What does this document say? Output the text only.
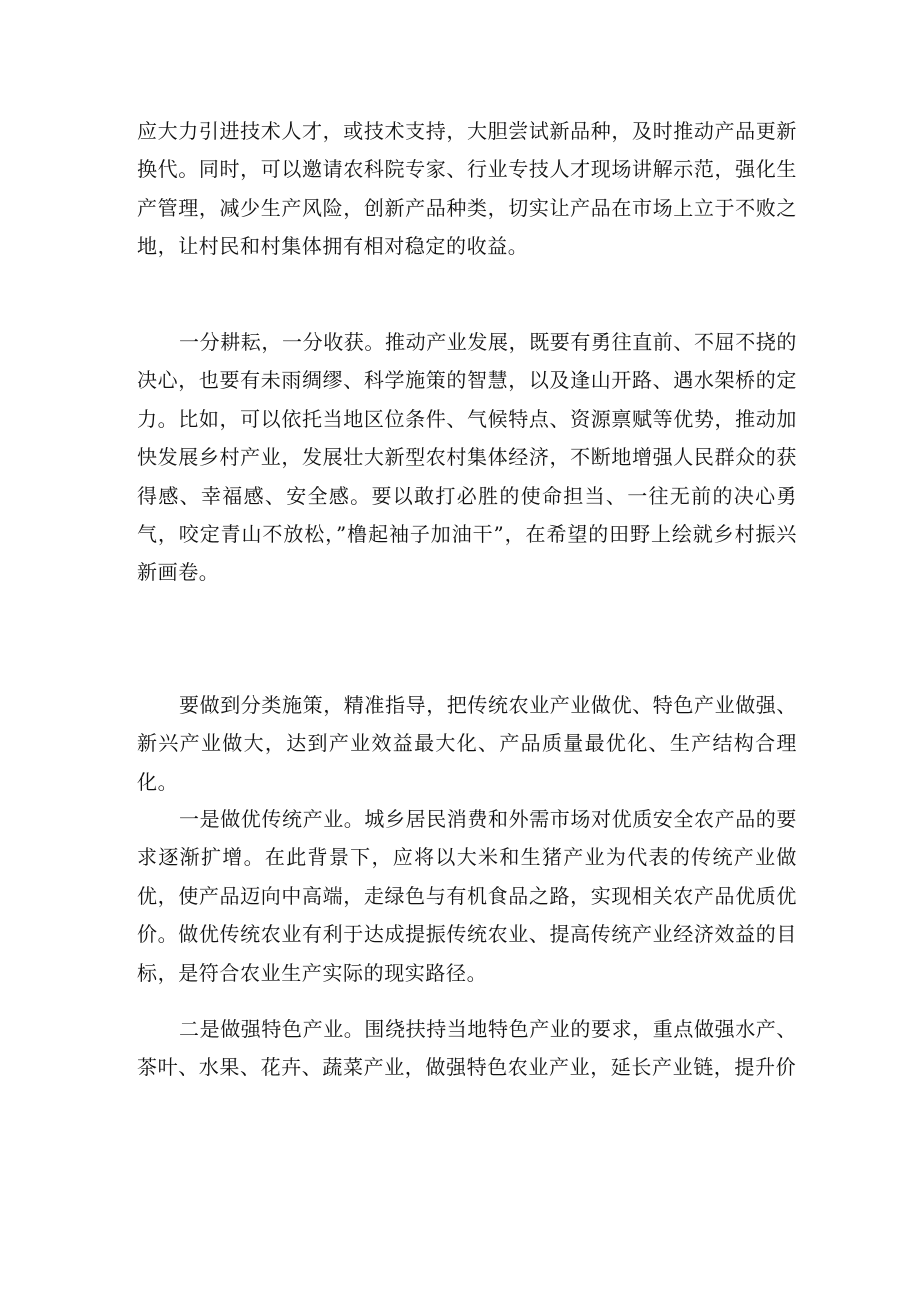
应大力引进技术人才，或技术支持，大胆尝试新品种，及时推动产品更新换代。同时，可以邀请农科院专家、行业专技人才现场讲解示范，强化生产管理，减少生产风险，创新产品种类，切实让产品在市场上立于不败之地，让村民和村集体拥有相对稳定的收益。

一分耕耘，一分收获。推动产业发展，既要有勇往直前、不屈不挠的决心，也要有未雨绸缪、科学施策的智慧，以及逢山开路、遇水架桥的定力。比如，可以依托当地区位条件、气候特点、资源禀赋等优势，推动加快发展乡村产业，发展壮大新型农村集体经济，不断地增强人民群众的获得感、幸福感、安全感。要以敢打必胜的使命担当、一往无前的决心勇气，咬定青山不放松，”橹起袖子加油干”，在希望的田野上绘就乡村振兴新画卷。

要做到分类施策，精准指导，把传统农业产业做优、特色产业做强、新兴产业做大，达到产业效益最大化、产品质量最优化、生产结构合理化。

一是做优传统产业。城乡居民消费和外需市场对优质安全农产品的要求逐渐扩增。在此背景下，应将以大米和生猪产业为代表的传统产业做优，使产品迈向中高端，走绿色与有机食品之路，实现相关农产品优质优价。做优传统农业有利于达成提振传统农业、提高传统产业经济效益的目标，是符合农业生产实际的现实路径。

二是做强特色产业。围绕扶持当地特色产业的要求，重点做强水产、茶叶、水果、花卉、蔬菜产业，做强特色农业产业，延长产业链，提升价
